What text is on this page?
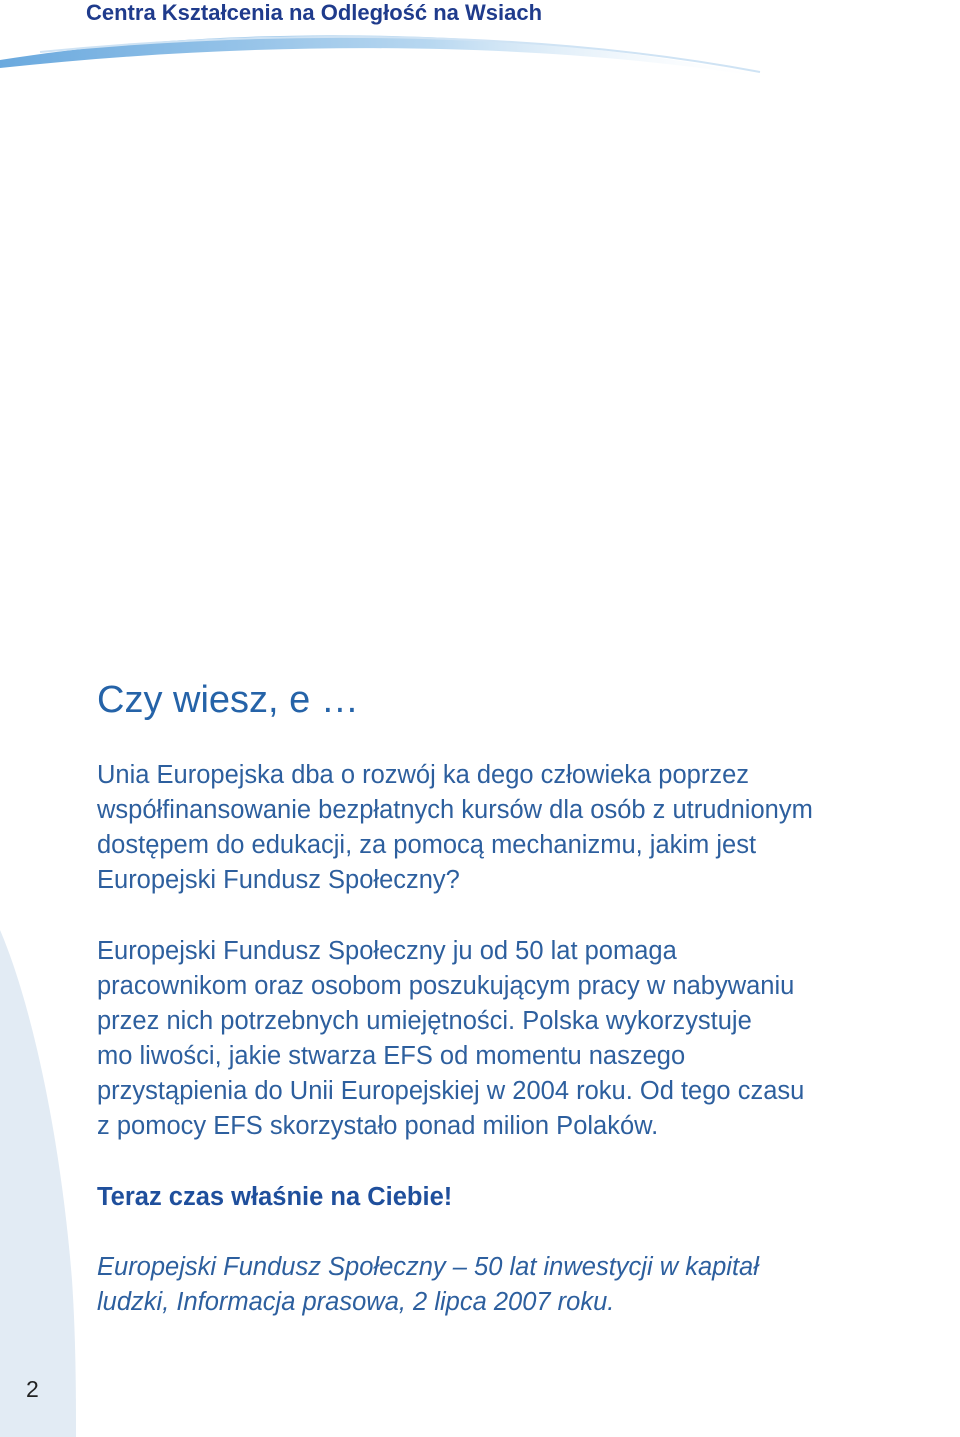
Centra Kształcenia na Odległość na Wsiach
Czy wiesz, e …
Unia Europejska dba o rozwój ka dego człowieka poprzez
współfinansowanie bezpłatnych kursów dla osób z utrudnionym
dostępem do edukacji, za pomocą mechanizmu, jakim jest
Europejski Fundusz Społeczny?
Europejski Fundusz Społeczny ju od 50 lat pomaga
pracownikom oraz osobom poszukującym pracy w nabywaniu
przez nich potrzebnych umiejętności. Polska wykorzystuje
mo liwości, jakie stwarza EFS od momentu naszego
przystąpienia do Unii Europejskiej w 2004 roku. Od tego czasu
z pomocy EFS skorzystało ponad milion Polaków.
Teraz czas właśnie na Ciebie!
Europejski Fundusz Społeczny – 50 lat inwestycji w kapitał
ludzki, Informacja prasowa, 2 lipca 2007 roku.
2
